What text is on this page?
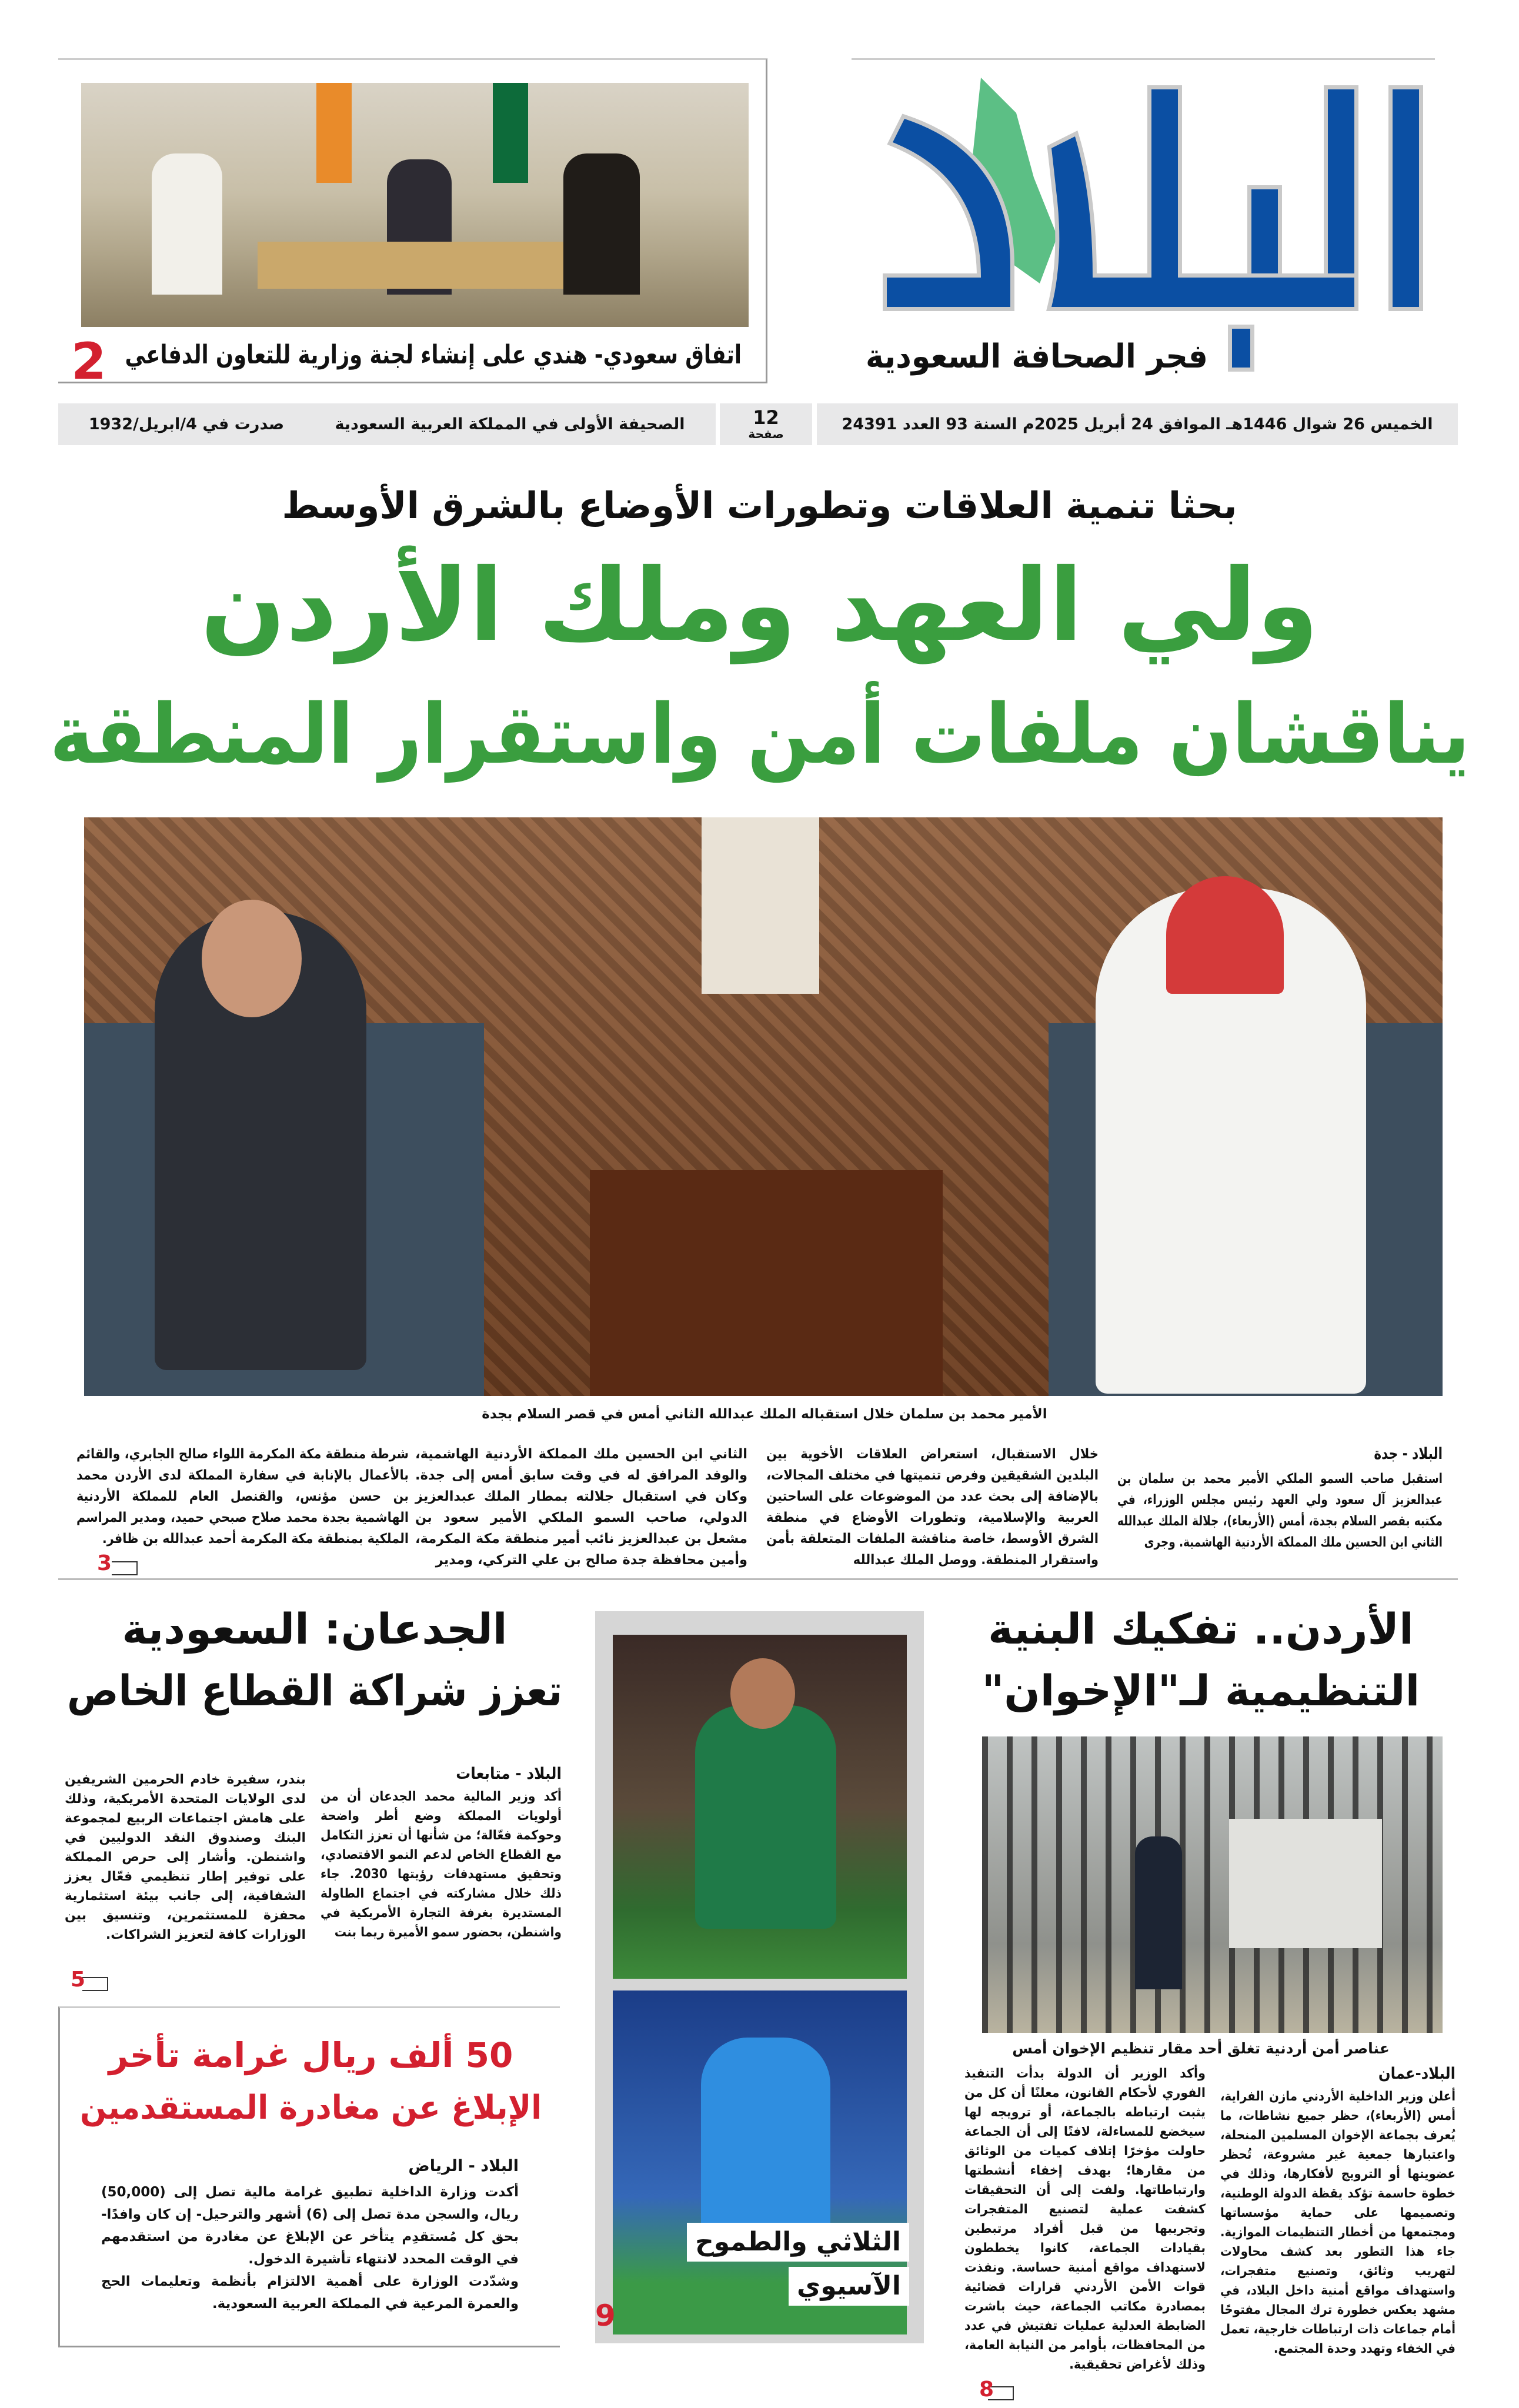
فجر الصحافة السعودية
اتفاق سعودي- هندي على إنشاء لجنة وزارية للتعاون الدفاعي
2
الخميس 26 شوال 1446هـ الموافق 24 أبريل 2025م السنة 93 العدد 24391
12
صفحة
الصحيفة الأولى في المملكة العربية السعودية
صدرت في 4/ابريل/1932
بحثا تنمية العلاقات وتطورات الأوضاع بالشرق الأوسط
ولي العهد وملك الأردن
يناقشان ملفات أمن واستقرار المنطقة
الأمير محمد بن سلمان خلال استقباله الملك عبدالله الثاني أمس في قصر السلام بجدة
البلاد - جدة
استقبل صاحب السمو الملكي الأمير محمد بن سلمان بن عبدالعزيز آل سعود ولي العهد رئيس مجلس الوزراء، في مكتبه بقصر السلام بجدة، أمس (الأربعاء)، جلالة الملك عبدالله الثاني ابن الحسين ملك المملكة الأردنية الهاشمية. وجرى
خلال الاستقبال، استعراض العلاقات الأخوية بين البلدين الشقيقين وفرص تنميتها في مختلف المجالات، بالإضافة إلى بحث عدد من الموضوعات على الساحتين العربية والإسلامية، وتطورات الأوضاع في منطقة الشرق الأوسط، خاصة مناقشة الملفات المتعلقة بأمن واستقرار المنطقة. ووصل الملك عبدالله
الثاني ابن الحسين ملك المملكة الأردنية الهاشمية، والوفد المرافق له في وقت سابق أمس إلى جدة. وكان في استقبال جلالته بمطار الملك عبدالعزيز الدولي، صاحب السمو الملكي الأمير سعود بن مشعل بن عبدالعزيز نائب أمير منطقة مكة المكرمة، وأمين محافظة جدة صالح بن علي التركي، ومدير
شرطة منطقة مكة المكرمة اللواء صالح الجابري، والقائم بالأعمال بالإنابة في سفارة المملكة لدى الأردن محمد بن حسن مؤنس، والقنصل العام للمملكة الأردنية الهاشمية بجدة محمد صلاح صبحي حميد، ومدير المراسم الملكية بمنطقة مكة المكرمة أحمد عبدالله بن ظافر.
3
الأردن.. تفكيك البنية
التنظيمية لـ"الإخوان"
عناصر أمن أردنية تغلق أحد مقار تنظيم الإخوان أمس
البلاد-عمان
أعلن وزير الداخلية الأردني مازن الفراية، أمس (الأربعاء)، حظر جميع نشاطات، ما يُعرف بجماعة الإخوان المسلمين المنحلة، واعتبارها جمعية غير مشروعة، تُحظر عضويتها أو الترويج لأفكارها، وذلك في خطوة حاسمة تؤكد يقظة الدولة الوطنية، وتصميمها على حماية مؤسساتها ومجتمعها من أخطار التنظيمات الموازية. جاء هذا التطور بعد كشف محاولات لتهريب وثائق، وتصنيع متفجرات، واستهداف مواقع أمنية داخل البلاد، في مشهد يعكس خطورة ترك المجال مفتوحًا أمام جماعات ذات ارتباطات خارجية، تعمل في الخفاء وتهدد وحدة المجتمع.
وأكد الوزير أن الدولة بدأت التنفيذ الفوري لأحكام القانون، معلنًا أن كل من يثبت ارتباطه بالجماعة، أو ترويجه لها سيخضع للمساءلة، لافتًا إلى أن الجماعة حاولت مؤخرًا إتلاف كميات من الوثائق من مقارها؛ بهدف إخفاء أنشطتها وارتباطاتها. ولفت إلى أن التحقيقات كشفت عملية لتصنيع المتفجرات وتجريبها من قبل أفراد مرتبطين بقيادات الجماعة، كانوا يخططون لاستهداف مواقع أمنية حساسة. ونفذت قوات الأمن الأردني قرارات قضائية بمصادرة مكاتب الجماعة، حيث باشرت الضابطة العدلية عمليات تفتيش في عدد من المحافظات، بأوامر من النيابة العامة، وذلك لأغراض تحقيقية.
8
الثلاثي والطموح
الآسيوي
9
الجدعان: السعودية
تعزز شراكة القطاع الخاص
البلاد - متابعات
أكد وزير المالية محمد الجدعان أن من أولويات المملكة وضع أطر واضحة وحوكمة فعّالة؛ من شأنها أن تعزز التكامل مع القطاع الخاص لدعم النمو الاقتصادي، وتحقيق مستهدفات رؤيتها 2030. جاء ذلك خلال مشاركته في اجتماع الطاولة المستديرة بغرفة التجارة الأمريكية في واشنطن، بحضور سمو الأميرة ريما بنت
بندر، سفيرة خادم الحرمين الشريفين لدى الولايات المتحدة الأمريكية، وذلك على هامش اجتماعات الربيع لمجموعة البنك وصندوق النقد الدوليين في واشنطن. وأشار إلى حرص المملكة على توفير إطار تنظيمي فعّال يعزز الشفافية، إلى جانب بيئة استثمارية محفزة للمستثمرين، وتنسيق بين الوزارات كافة لتعزيز الشراكات.
5
50 ألف ريال غرامة تأخر
الإبلاغ عن مغادرة المستقدمين
البلاد - الرياض

أكدت وزارة الداخلية تطبيق غرامة مالية تصل إلى (50,000) ريال، والسجن مدة تصل إلى (6) أشهر والترحيل- إن كان وافدًا- بحق كل مُستقدِم يتأخر عن الإبلاغ عن مغادرة من استقدمهم في الوقت المحدد لانتهاء تأشيرة الدخول.

وشدّدت الوزارة على أهمية الالتزام بأنظمة وتعليمات الحج والعمرة المرعية في المملكة العربية السعودية.
